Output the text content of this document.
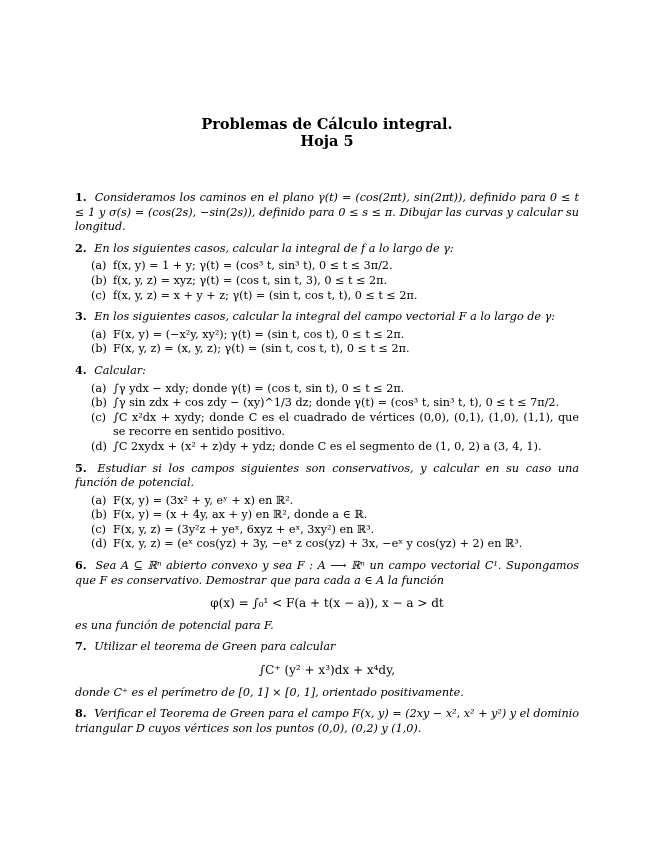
Problemas de Cálculo integral.
Hoja 5
1. Consideramos los caminos en el plano γ(t) = (cos(2πt), sin(2πt)), definido para 0 ≤ t ≤ 1 y σ(s) = (cos(2s), −sin(2s)), definido para 0 ≤ s ≤ π. Dibujar las curvas y calcular su longitud.
2. En los siguientes casos, calcular la integral de f a lo largo de γ:
(a) f(x, y) = 1 + y; γ(t) = (cos³ t, sin³ t), 0 ≤ t ≤ 3π/2.
(b) f(x, y, z) = xyz; γ(t) = (cos t, sin t, 3), 0 ≤ t ≤ 2π.
(c) f(x, y, z) = x + y + z; γ(t) = (sin t, cos t, t), 0 ≤ t ≤ 2π.
3. En los siguientes casos, calcular la integral del campo vectorial F a lo largo de γ:
(a) F(x, y) = (−x²y, xy²); γ(t) = (sin t, cos t), 0 ≤ t ≤ 2π.
(b) F(x, y, z) = (x, y, z); γ(t) = (sin t, cos t, t), 0 ≤ t ≤ 2π.
4. Calcular:
(a) ∫γ ydx − xdy; donde γ(t) = (cos t, sin t), 0 ≤ t ≤ 2π.
(b) ∫γ sin zdx + cos zdy − (xy)^1/3 dz; donde γ(t) = (cos³ t, sin³ t, t), 0 ≤ t ≤ 7π/2.
(c) ∫C x²dx + xydy; donde C es el cuadrado de vértices (0,0), (0,1), (1,0), (1,1), que se recorre en sentido positivo.
(d) ∫C 2xydx + (x² + z)dy + ydz; donde C es el segmento de (1, 0, 2) a (3, 4, 1).
5. Estudiar si los campos siguientes son conservativos, y calcular en su caso una función de potencial.
(a) F(x, y) = (3x² + y, eʸ + x) en ℝ².
(b) F(x, y) = (x + 4y, ax + y) en ℝ², donde a ∈ ℝ.
(c) F(x, y, z) = (3y²z + yeˣ, 6xyz + eˣ, 3xy²) en ℝ³.
(d) F(x, y, z) = (eˣ cos(yz) + 3y, −eˣ z cos(yz) + 3x, −eˣ y cos(yz) + 2) en ℝ³.
6. Sea A ⊆ ℝⁿ abierto convexo y sea F : A ⟶ ℝⁿ un campo vectorial C¹. Supongamos que F es conservativo. Demostrar que para cada a ∈ A la función
φ(x) = ∫₀¹ < F(a + t(x − a)), x − a > dt
es una función de potencial para F.
7. Utilizar el teorema de Green para calcular
∫C⁺ (y² + x³)dx + x⁴dy,
donde C⁺ es el perímetro de [0, 1] × [0, 1], orientado positivamente.
8. Verificar el Teorema de Green para el campo F(x, y) = (2xy − x², x² + y²) y el dominio triangular D cuyos vértices son los puntos (0,0), (0,2) y (1,0).
